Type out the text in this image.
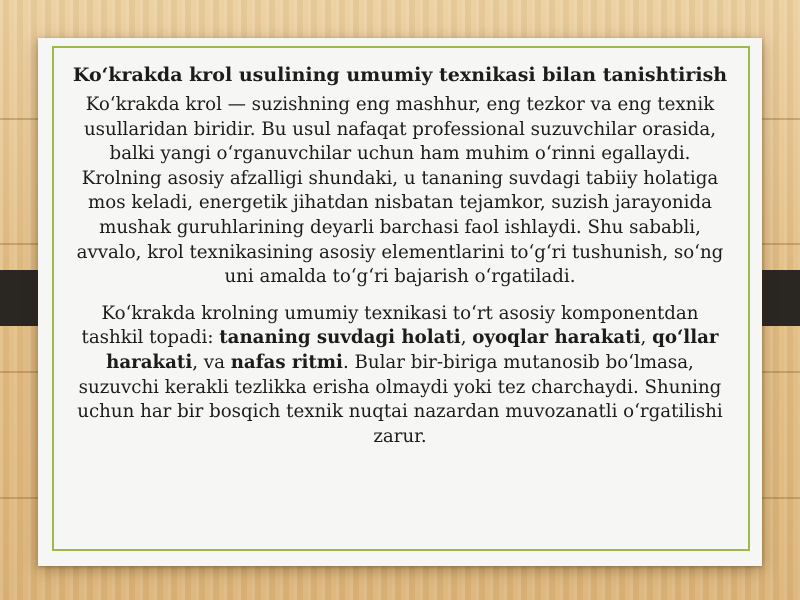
Koʻkrakda krol usulining umumiy texnikasi bilan tanishtirish

Koʻkrakda krol — suzishning eng mashhur, eng tezkor va eng texnik usullaridan biridir. Bu usul nafaqat professional suzuvchilar orasida, balki yangi oʻrganuvchilar uchun ham muhim oʻrinni egallaydi. Krolning asosiy afzalligi shundaki, u tananing suvdagi tabiiy holatiga mos keladi, energetik jihatdan nisbatan tejamkor, suzish jarayonida mushak guruhlarining deyarli barchasi faol ishlaydi. Shu sababli, avvalo, krol texnikasining asosiy elementlarini toʻgʻri tushunish, soʻng uni amalda toʻgʻri bajarish oʻrgatiladi.

Koʻkrakda krolning umumiy texnikasi toʻrt asosiy komponentdan tashkil topadi: tananing suvdagi holati, oyoqlar harakati, qoʻllar harakati, va nafas ritmi. Bular bir-biriga mutanosib boʻlmasa, suzuvchi kerakli tezlikka erisha olmaydi yoki tez charchaydi. Shuning uchun har bir bosqich texnik nuqtai nazardan muvozanatli oʻrgatilishi zarur.
